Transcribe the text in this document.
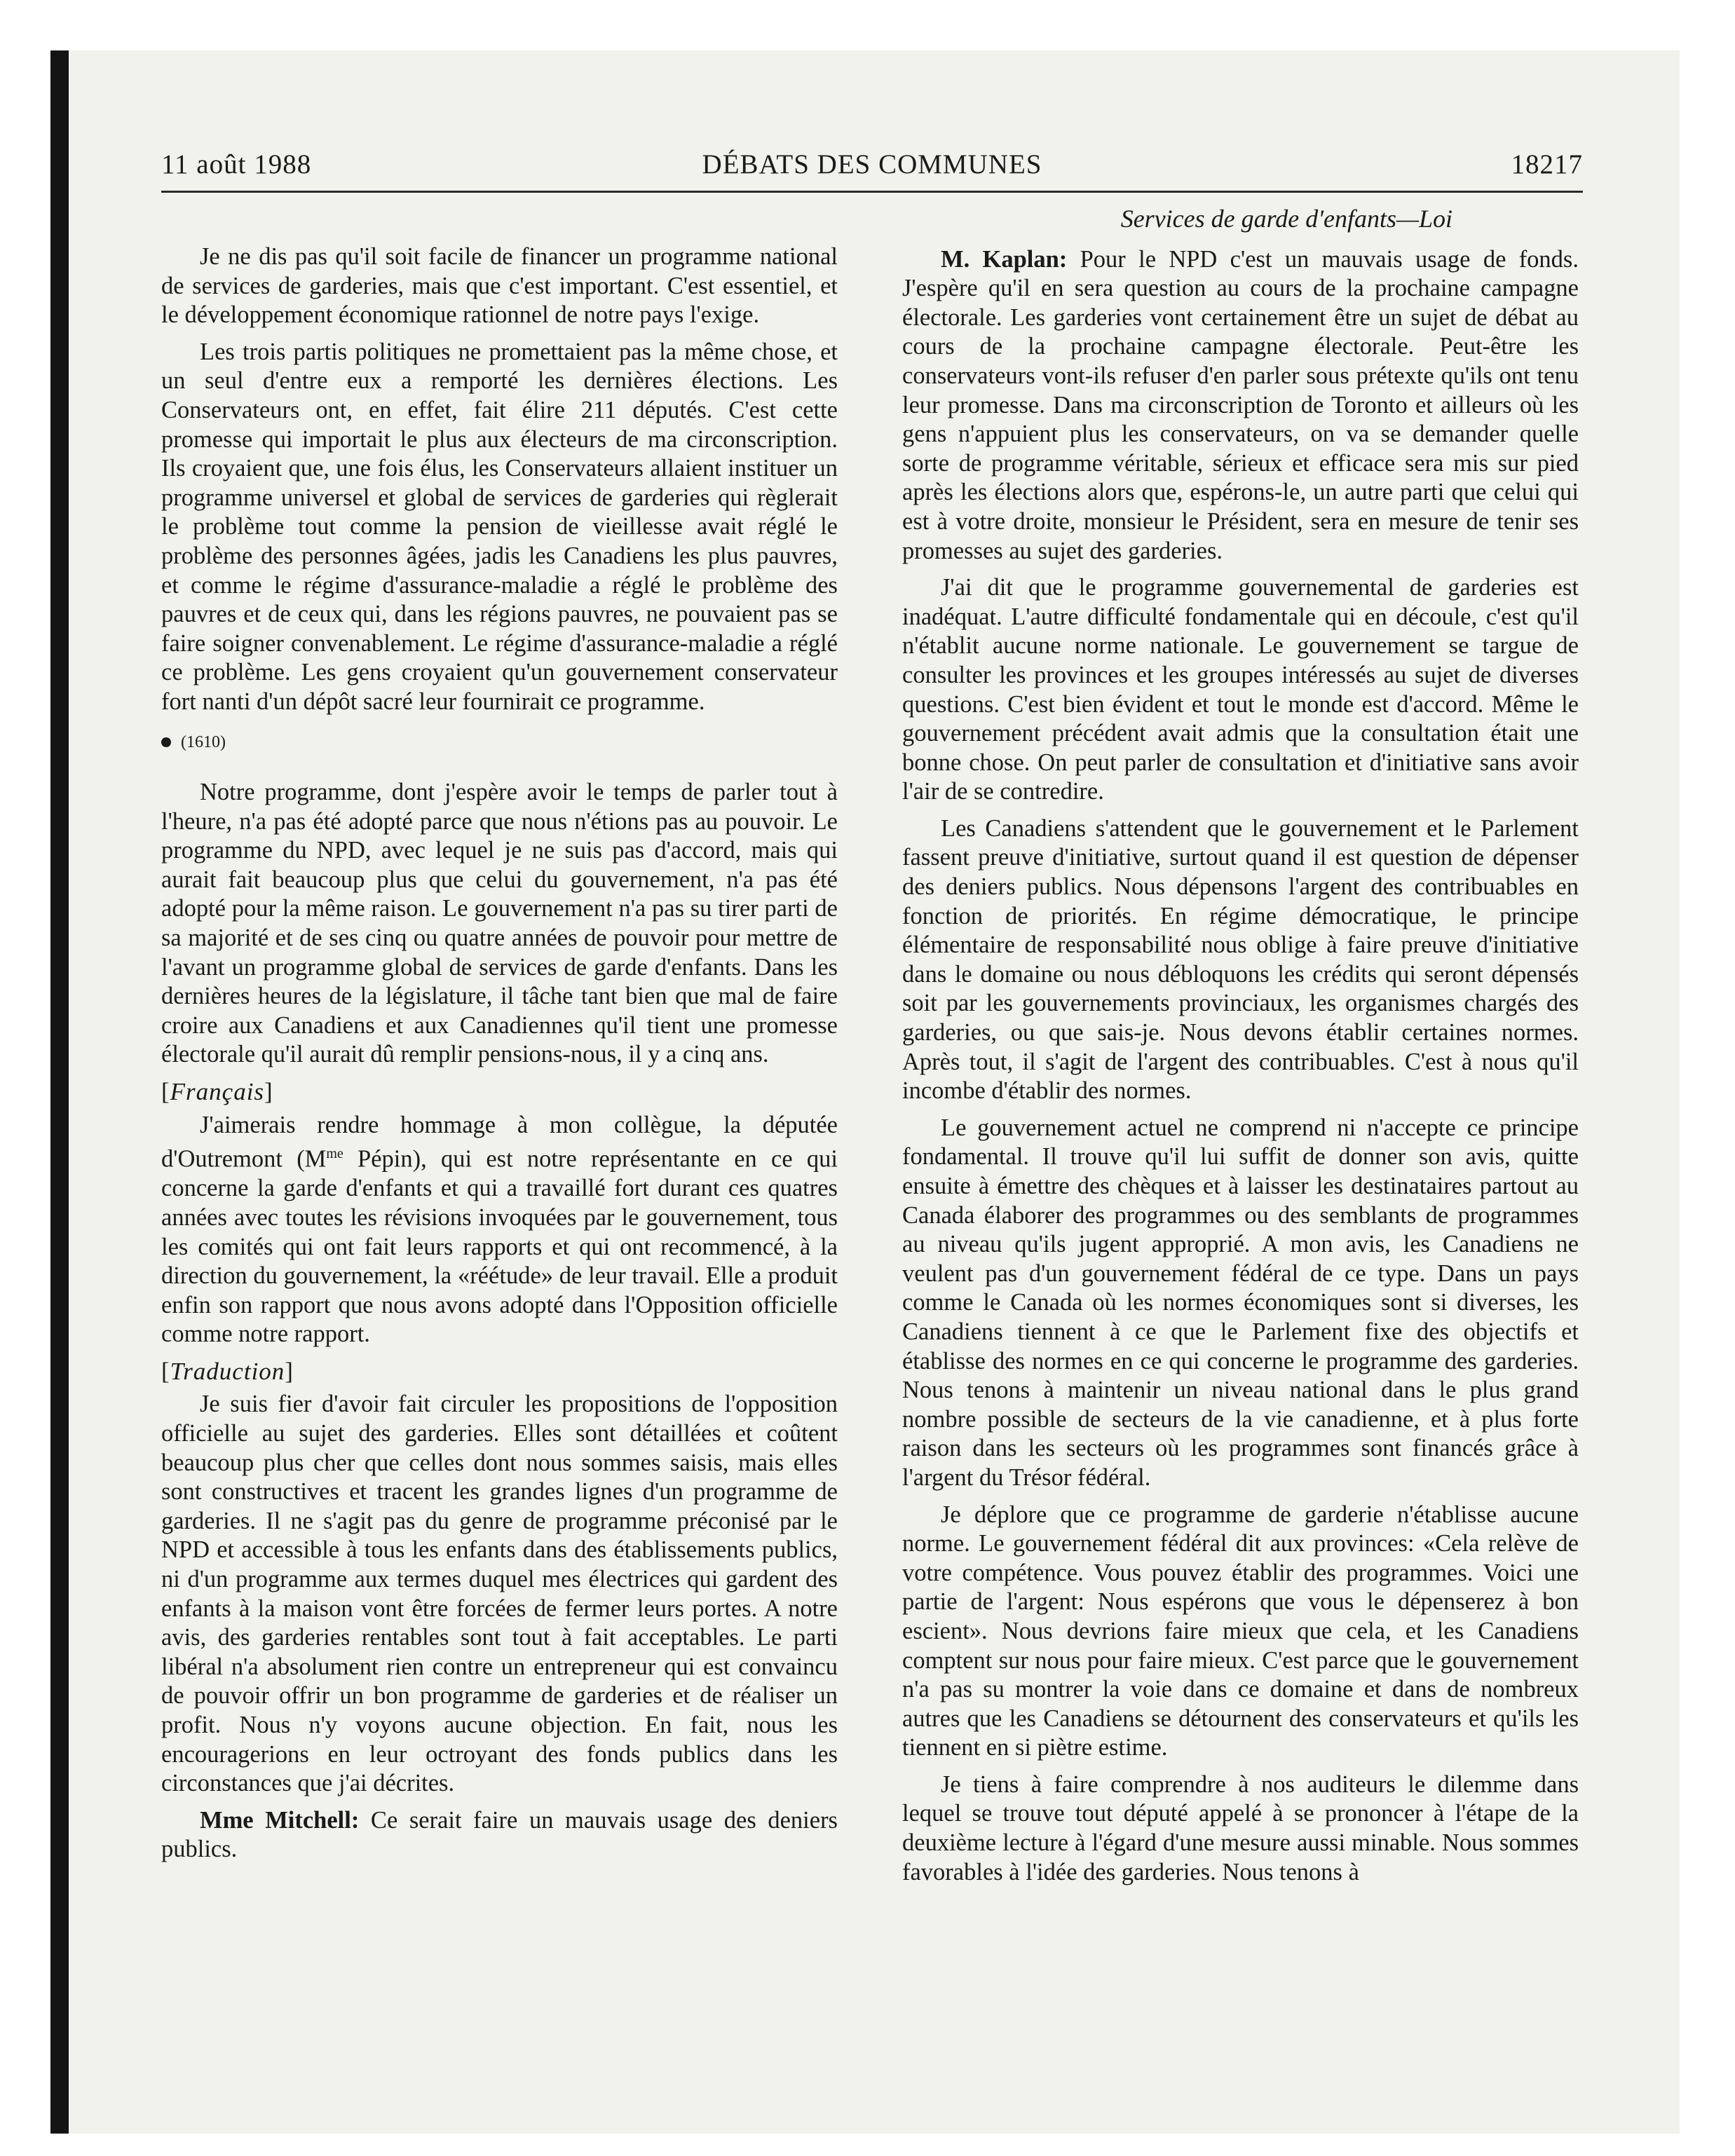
11 août 1988	DÉBATS DES COMMUNES	18217

Je ne dis pas qu'il soit facile de financer un programme national de services de garderies, mais que c'est important. C'est essentiel, et le développement économique rationnel de notre pays l'exige.

Les trois partis politiques ne promettaient pas la même chose, et un seul d'entre eux a remporté les dernières élections. Les Conservateurs ont, en effet, fait élire 211 députés. C'est cette promesse qui importait le plus aux électeurs de ma circonscription. Ils croyaient que, une fois élus, les Conservateurs allaient instituer un programme universel et global de services de garderies qui règlerait le problème tout comme la pension de vieillesse avait réglé le problème des personnes âgées, jadis les Canadiens les plus pauvres, et comme le régime d'assurance-maladie a réglé le problème des pauvres et de ceux qui, dans les régions pauvres, ne pouvaient pas se faire soigner convenablement. Le régime d'assurance-maladie a réglé ce problème. Les gens croyaient qu'un gouvernement conservateur fort nanti d'un dépôt sacré leur fournirait ce programme.

(1610)

Notre programme, dont j'espère avoir le temps de parler tout à l'heure, n'a pas été adopté parce que nous n'étions pas au pouvoir. Le programme du NPD, avec lequel je ne suis pas d'accord, mais qui aurait fait beaucoup plus que celui du gouvernement, n'a pas été adopté pour la même raison. Le gouvernement n'a pas su tirer parti de sa majorité et de ses cinq ou quatre années de pouvoir pour mettre de l'avant un programme global de services de garde d'enfants. Dans les dernières heures de la législature, il tâche tant bien que mal de faire croire aux Canadiens et aux Canadiennes qu'il tient une promesse électorale qu'il aurait dû remplir pensions-nous, il y a cinq ans.

[Français]

J'aimerais rendre hommage à mon collègue, la députée d'Outremont ($M^{me}$ Pépin), qui est notre représentante en ce qui concerne la garde d'enfants et qui a travaillé fort durant ces quatres années avec toutes les révisions invoquées par le gouvernement, tous les comités qui ont fait leurs rapports et qui ont recommencé, à la direction du gouvernement, la «réétude» de leur travail. Elle a produit enfin son rapport que nous avons adopté dans l'Opposition officielle comme notre rapport.

[Traduction]

Je suis fier d'avoir fait circuler les propositions de l'opposition officielle au sujet des garderies. Elles sont détaillées et coûtent beaucoup plus cher que celles dont nous sommes saisis, mais elles sont constructives et tracent les grandes lignes d'un programme de garderies. Il ne s'agit pas du genre de programme préconisé par le NPD et accessible à tous les enfants dans des établissements publics, ni d'un programme aux termes duquel mes électrices qui gardent des enfants à la maison vont être forcées de fermer leurs portes. A notre avis, des garderies rentables sont tout à fait acceptables. Le parti libéral n'a absolument rien contre un entrepreneur qui est convaincu de pouvoir offrir un bon programme de garderies et de réaliser un profit. Nous n'y voyons aucune objection. En fait, nous les encouragerions en leur octroyant des fonds publics dans les circonstances que j'ai décrites.

Mme Mitchell: Ce serait faire un mauvais usage des deniers publics.

Services de garde d'enfants—Loi

M. Kaplan: Pour le NPD c'est un mauvais usage de fonds. J'espère qu'il en sera question au cours de la prochaine campagne électorale. Les garderies vont certainement être un sujet de débat au cours de la prochaine campagne électorale. Peut-être les conservateurs vont-ils refuser d'en parler sous prétexte qu'ils ont tenu leur promesse. Dans ma circonscription de Toronto et ailleurs où les gens n'appuient plus les conservateurs, on va se demander quelle sorte de programme véritable, sérieux et efficace sera mis sur pied après les élections alors que, espérons-le, un autre parti que celui qui est à votre droite, monsieur le Président, sera en mesure de tenir ses promesses au sujet des garderies.

J'ai dit que le programme gouvernemental de garderies est inadéquat. L'autre difficulté fondamentale qui en découle, c'est qu'il n'établit aucune norme nationale. Le gouvernement se targue de consulter les provinces et les groupes intéressés au sujet de diverses questions. C'est bien évident et tout le monde est d'accord. Même le gouvernement précédent avait admis que la consultation était une bonne chose. On peut parler de consultation et d'initiative sans avoir l'air de se contredire.

Les Canadiens s'attendent que le gouvernement et le Parlement fassent preuve d'initiative, surtout quand il est question de dépenser des deniers publics. Nous dépensons l'argent des contribuables en fonction de priorités. En régime démocratique, le principe élémentaire de responsabilité nous oblige à faire preuve d'initiative dans le domaine ou nous débloquons les crédits qui seront dépensés soit par les gouvernements provinciaux, les organismes chargés des garderies, ou que sais-je. Nous devons établir certaines normes. Après tout, il s'agit de l'argent des contribuables. C'est à nous qu'il incombe d'établir des normes.

Le gouvernement actuel ne comprend ni n'accepte ce principe fondamental. Il trouve qu'il lui suffit de donner son avis, quitte ensuite à émettre des chèques et à laisser les destinataires partout au Canada élaborer des programmes ou des semblants de programmes au niveau qu'ils jugent approprié. A mon avis, les Canadiens ne veulent pas d'un gouvernement fédéral de ce type. Dans un pays comme le Canada où les normes économiques sont si diverses, les Canadiens tiennent à ce que le Parlement fixe des objectifs et établisse des normes en ce qui concerne le programme des garderies. Nous tenons à maintenir un niveau national dans le plus grand nombre possible de secteurs de la vie canadienne, et à plus forte raison dans les secteurs où les programmes sont financés grâce à l'argent du Trésor fédéral.

Je déplore que ce programme de garderie n'établisse aucune norme. Le gouvernement fédéral dit aux provinces: «Cela relève de votre compétence. Vous pouvez établir des programmes. Voici une partie de l'argent: Nous espérons que vous le dépenserez à bon escient». Nous devrions faire mieux que cela, et les Canadiens comptent sur nous pour faire mieux. C'est parce que le gouvernement n'a pas su montrer la voie dans ce domaine et dans de nombreux autres que les Canadiens se détournent des conservateurs et qu'ils les tiennent en si piètre estime.

Je tiens à faire comprendre à nos auditeurs le dilemme dans lequel se trouve tout député appelé à se prononcer à l'étape de la deuxième lecture à l'égard d'une mesure aussi minable. Nous sommes favorables à l'idée des garderies. Nous tenons à
